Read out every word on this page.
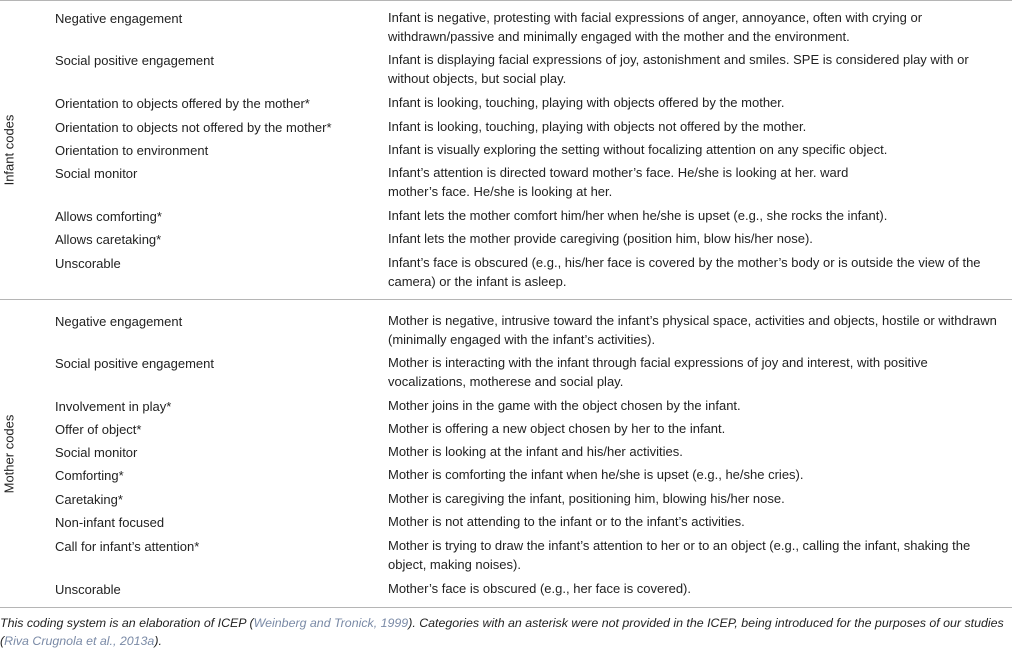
Infant codes
Negative engagement	Infant is negative, protesting with facial expressions of anger, annoyance, often with crying or withdrawn/passive and minimally engaged with the mother and the environment.
Social positive engagement	Infant is displaying facial expressions of joy, astonishment and smiles. SPE is considered play with or without objects, but social play.
Orientation to objects offered by the mother*	Infant is looking, touching, playing with objects offered by the mother.
Orientation to objects not offered by the mother*	Infant is looking, touching, playing with objects not offered by the mother.
Orientation to environment	Infant is visually exploring the setting without focalizing attention on any specific object.
Social monitor	Infant’s attention is directed toward mother’s face. He/she is looking at her. ward mother’s face. He/she is looking at her.
Allows comforting*	Infant lets the mother comfort him/her when he/she is upset (e.g., she rocks the infant).
Allows caretaking*	Infant lets the mother provide caregiving (position him, blow his/her nose).
Unscorable	Infant’s face is obscured (e.g., his/her face is covered by the mother’s body or is outside the view of the camera) or the infant is asleep.
Mother codes
Negative engagement	Mother is negative, intrusive toward the infant’s physical space, activities and objects, hostile or withdrawn (minimally engaged with the infant’s activities).
Social positive engagement	Mother is interacting with the infant through facial expressions of joy and interest, with positive vocalizations, motherese and social play.
Involvement in play*	Mother joins in the game with the object chosen by the infant.
Offer of object*	Mother is offering a new object chosen by her to the infant.
Social monitor	Mother is looking at the infant and his/her activities.
Comforting*	Mother is comforting the infant when he/she is upset (e.g., he/she cries).
Caretaking*	Mother is caregiving the infant, positioning him, blowing his/her nose.
Non-infant focused	Mother is not attending to the infant or to the infant’s activities.
Call for infant’s attention*	Mother is trying to draw the infant’s attention to her or to an object (e.g., calling the infant, shaking the object, making noises).
Unscorable	Mother’s face is obscured (e.g., her face is covered).
This coding system is an elaboration of ICEP (Weinberg and Tronick, 1999). Categories with an asterisk were not provided in the ICEP, being introduced for the purposes of our studies (Riva Crugnola et al., 2013a).
